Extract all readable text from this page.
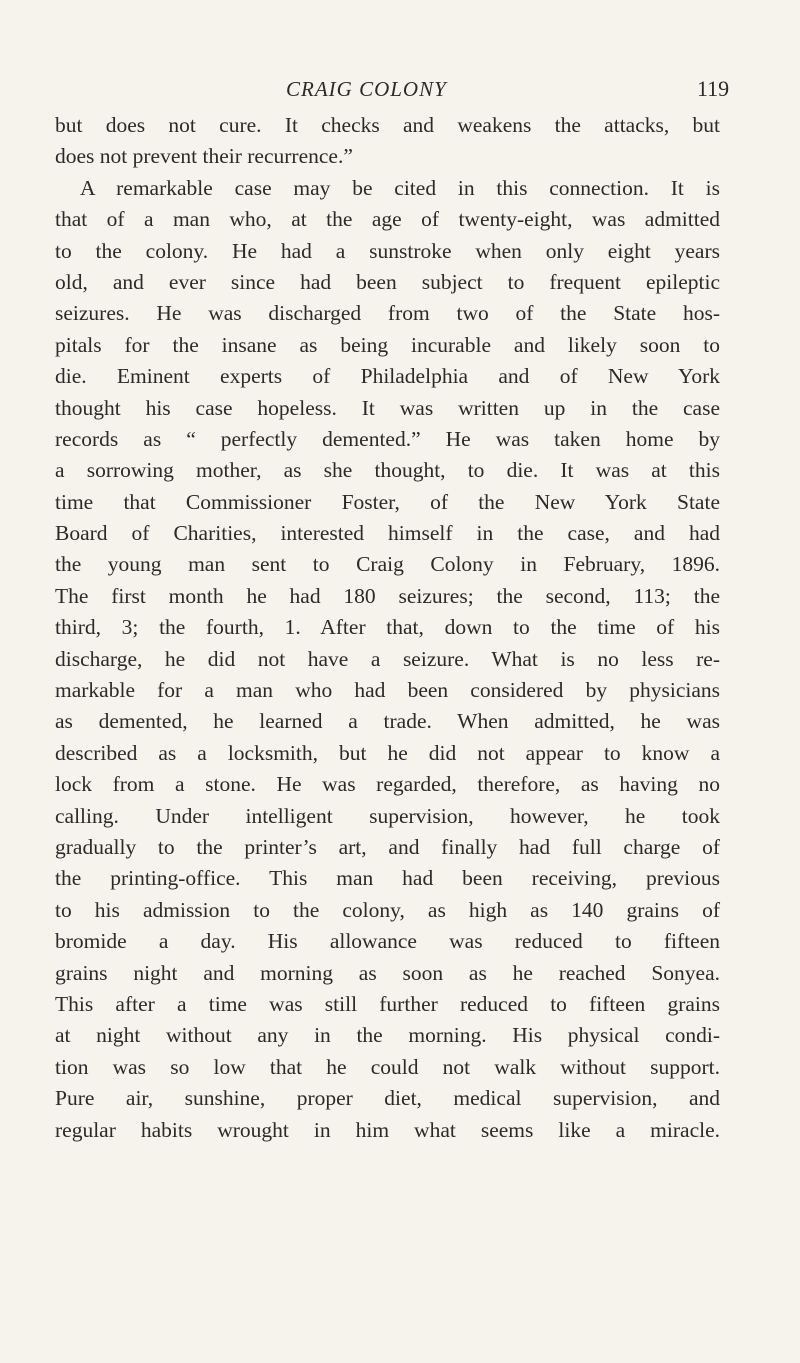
CRAIG COLONY	119
but does not cure. It checks and weakens the attacks, but
does not prevent their recurrence.”
A remarkable case may be cited in this connection. It is
that of a man who, at the age of twenty-eight, was admitted
to the colony. He had a sunstroke when only eight years
old, and ever since had been subject to frequent epileptic
seizures. He was discharged from two of the State hos-
pitals for the insane as being incurable and likely soon to
die. Eminent experts of Philadelphia and of New York
thought his case hopeless. It was written up in the case
records as “ perfectly demented.” He was taken home by
a sorrowing mother, as she thought, to die. It was at this
time that Commissioner Foster, of the New York State
Board of Charities, interested himself in the case, and had
the young man sent to Craig Colony in February, 1896.
The first month he had 180 seizures; the second, 113; the
third, 3; the fourth, 1. After that, down to the time of his
discharge, he did not have a seizure. What is no less re-
markable for a man who had been considered by physicians
as demented, he learned a trade. When admitted, he was
described as a locksmith, but he did not appear to know a
lock from a stone. He was regarded, therefore, as having no
calling. Under intelligent supervision, however, he took
gradually to the printer’s art, and finally had full charge of
the printing-office. This man had been receiving, previous
to his admission to the colony, as high as 140 grains of
bromide a day. His allowance was reduced to fifteen
grains night and morning as soon as he reached Sonyea.
This after a time was still further reduced to fifteen grains
at night without any in the morning. His physical condi-
tion was so low that he could not walk without support.
Pure air, sunshine, proper diet, medical supervision, and
regular habits wrought in him what seems like a miracle.
